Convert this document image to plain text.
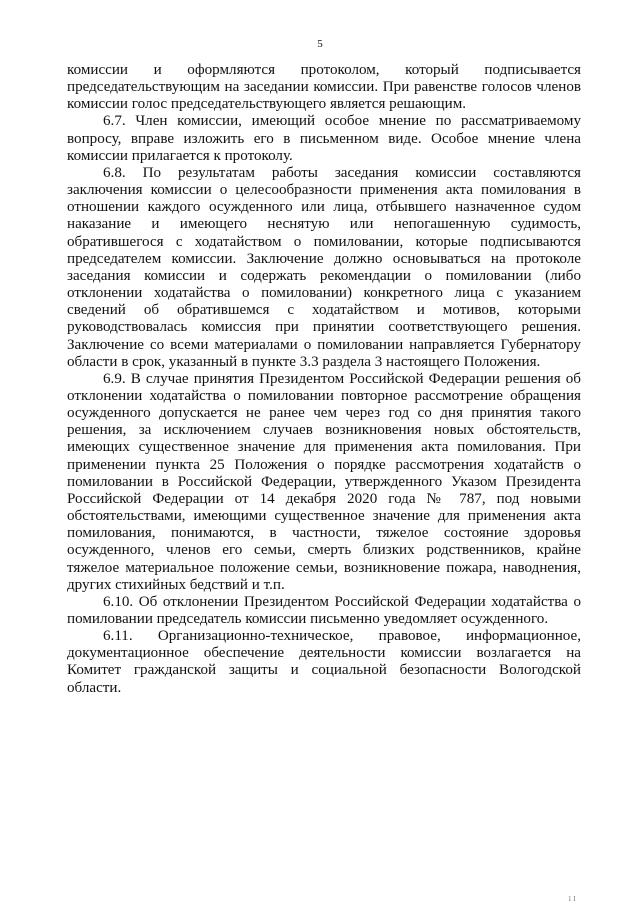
5

комиссии и оформляются протоколом, который подписывается председательствующим на заседании комиссии. При равенстве голосов членов комиссии голос председательствующего является решающим.

6.7. Член комиссии, имеющий особое мнение по рассматриваемому вопросу, вправе изложить его в письменном виде. Особое мнение члена комиссии прилагается к протоколу.

6.8. По результатам работы заседания комиссии составляются заключения комиссии о целесообразности применения акта помилования в отношении каждого осужденного или лица, отбывшего назначенное судом наказание и имеющего неснятую или непогашенную судимость, обратившегося с ходатайством о помиловании, которые подписываются председателем комиссии. Заключение должно основываться на протоколе заседания комиссии и содержать рекомендации о помиловании (либо отклонении ходатайства о помиловании) конкретного лица с указанием сведений об обратившемся с ходатайством и мотивов, которыми руководствовалась комиссия при принятии соответствующего решения. Заключение со всеми материалами о помиловании направляется Губернатору области в срок, указанный в пункте 3.3 раздела 3 настоящего Положения.

6.9. В случае принятия Президентом Российской Федерации решения об отклонении ходатайства о помиловании повторное рассмотрение обращения осужденного допускается не ранее чем через год со дня принятия такого решения, за исключением случаев возникновения новых обстоятельств, имеющих существенное значение для применения акта помилования. При применении пункта 25 Положения о порядке рассмотрения ходатайств о помиловании в Российской Федерации, утвержденного Указом Президента Российской Федерации от 14 декабря 2020 года № 787, под новыми обстоятельствами, имеющими существенное значение для применения акта помилования, понимаются, в частности, тяжелое состояние здоровья осужденного, членов его семьи, смерть близких родственников, крайне тяжелое материальное положение семьи, возникновение пожара, наводнения, других стихийных бедствий и т.п.

6.10. Об отклонении Президентом Российской Федерации ходатайства о помиловании председатель комиссии письменно уведомляет осужденного.

6.11. Организационно-техническое, правовое, информационное, документационное обеспечение деятельности комиссии возлагается на Комитет гражданской защиты и социальной безопасности Вологодской области.

1 I
